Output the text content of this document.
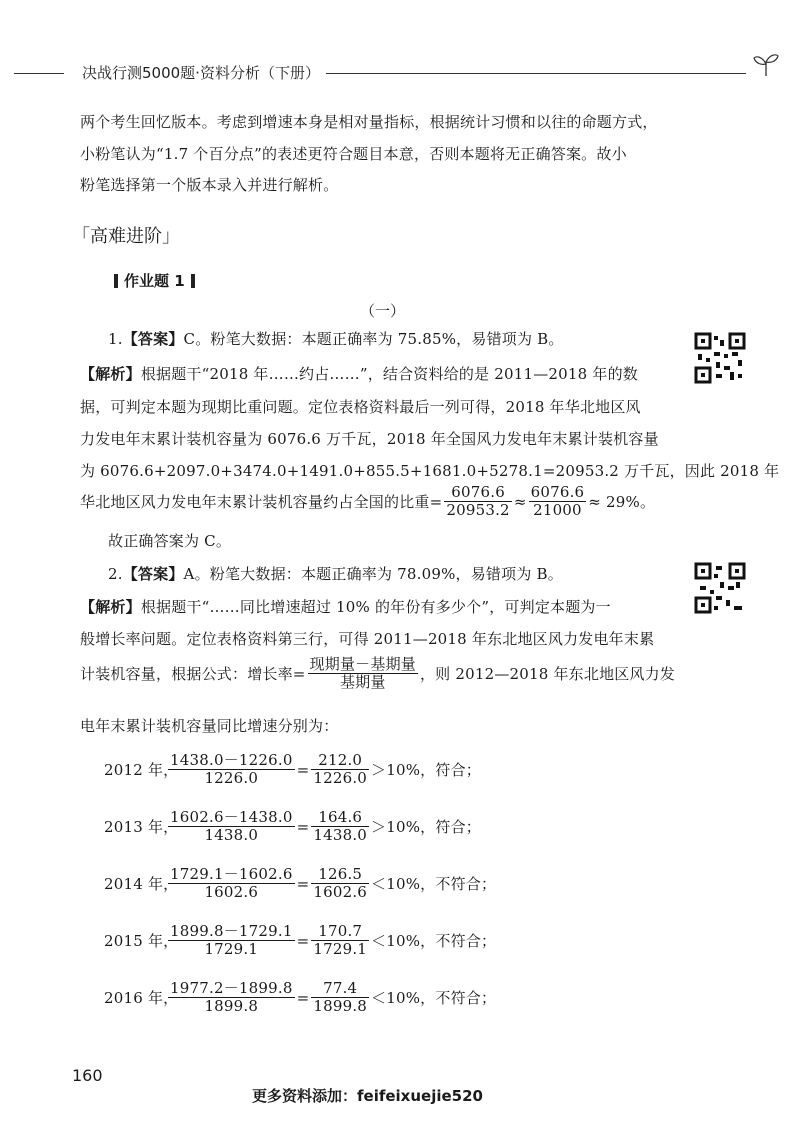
决战行测5000题·资料分析（下册）
两个考生回忆版本。考虑到增速本身是相对量指标，根据统计习惯和以往的命题方式，
小粉笔认为“1.7 个百分点”的表述更符合题目本意，否则本题将无正确答案。故小
粉笔选择第一个版本录入并进行解析。
「高难进阶」
作业题 1
（一）
1.【答案】C。粉笔大数据：本题正确率为 75.85%，易错项为 B。
【解析】根据题干“2018 年……约占……”，结合资料给的是 2011—2018 年的数
据，可判定本题为现期比重问题。定位表格资料最后一列可得，2018 年华北地区风
力发电年末累计装机容量为 6076.6 万千瓦，2018 年全国风力发电年末累计装机容量
为 6076.6+2097.0+3474.0+1491.0+855.5+1681.0+5278.1=20953.2 万千瓦，因此 2018 年
华北地区风力发电年末累计装机容量约占全国的比重= $\frac{6076.6}{20953.2} \approx \frac{6076.6}{21000} \approx 29\%$。
故正确答案为 C。
2.【答案】A。粉笔大数据：本题正确率为 78.09%，易错项为 B。
【解析】根据题干“……同比增速超过 10% 的年份有多少个”，可判定本题为一
般增长率问题。定位表格资料第三行，可得 2011—2018 年东北地区风力发电年末累
计装机容量，根据公式：增长率= $\frac{\text{现期量－基期量}}{\text{基期量}}$ ，则 2012—2018 年东北地区风力发
电年末累计装机容量同比增速分别为：
2012 年，
$\frac{1438.0-1226.0}{1226.0} = \frac{212.0}{1226.0} >10\%$，符合；
2013 年，
$\frac{1602.6-1438.0}{1438.0} = \frac{164.6}{1438.0} >10\%$，符合；
2014 年，
$\frac{1729.1-1602.6}{1602.6} = \frac{126.5}{1602.6} <10\%$，不符合；
2015 年，
$\frac{1899.8-1729.1}{1729.1} = \frac{170.7}{1729.1} <10\%$，不符合；
2016 年，
$\frac{1977.2-1899.8}{1899.8} = \frac{77.4}{1899.8} <10\%$，不符合；
160
更多资料添加：feifeixuejie520
